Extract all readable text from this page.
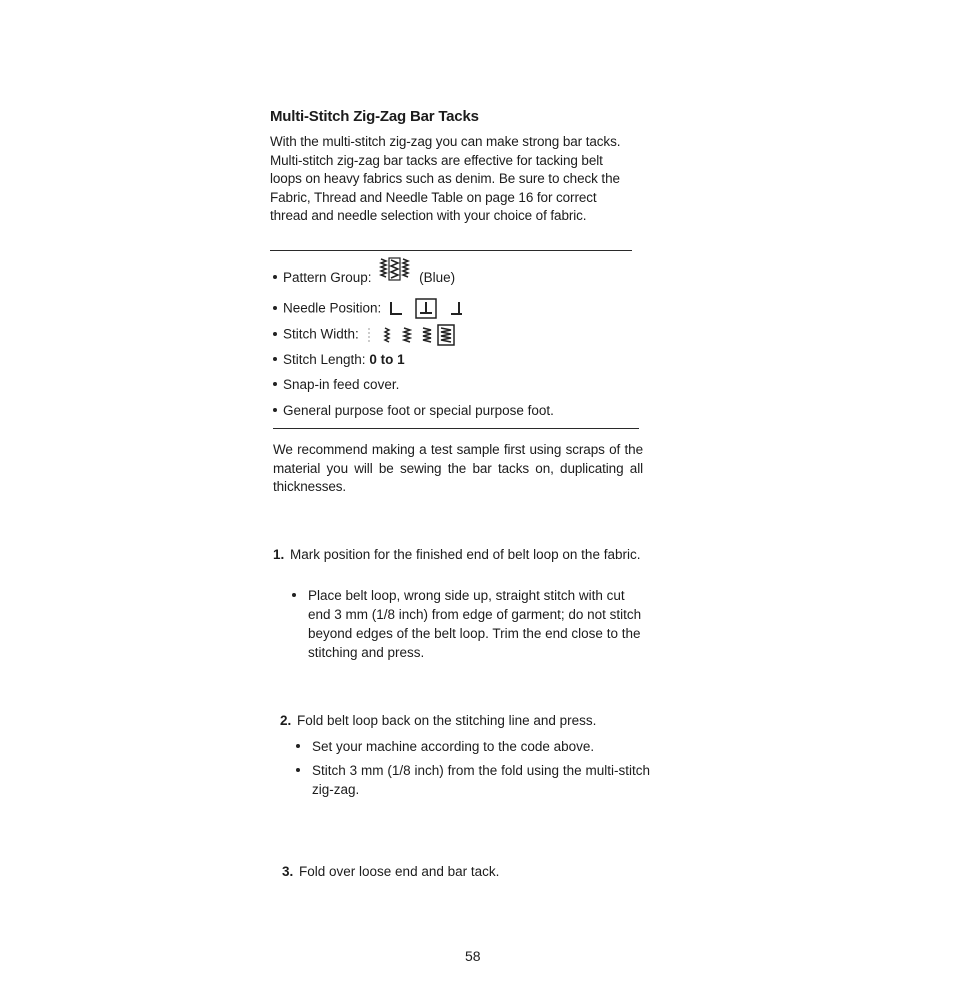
Multi-Stitch Zig-Zag Bar Tacks
With the multi-stitch zig-zag you can make strong bar tacks. Multi-stitch zig-zag bar tacks are effective for tacking belt loops on heavy fabrics such as denim. Be sure to check the Fabric, Thread and Needle Table on page 16 for correct thread and needle selection with your choice of fabric.
Pattern Group:	(Blue)
Needle Position:
Stitch Width:
Stitch Length: 0 to 1
Snap-in feed cover.
General purpose foot or special purpose foot.
We recommend making a test sample first using scraps of the material you will be sewing the bar tacks on, duplicating all thicknesses.
1. Mark position for the finished end of belt loop on the fabric.
Place belt loop, wrong side up, straight stitch with cut end 3 mm (1/8 inch) from edge of garment; do not stitch beyond edges of the belt loop. Trim the end close to the stitching and press.
2. Fold belt loop back on the stitching line and press.
Set your machine according to the code above.
Stitch 3 mm (1/8 inch) from the fold using the multi-stitch zig-zag.
3. Fold over loose end and bar tack.
58
